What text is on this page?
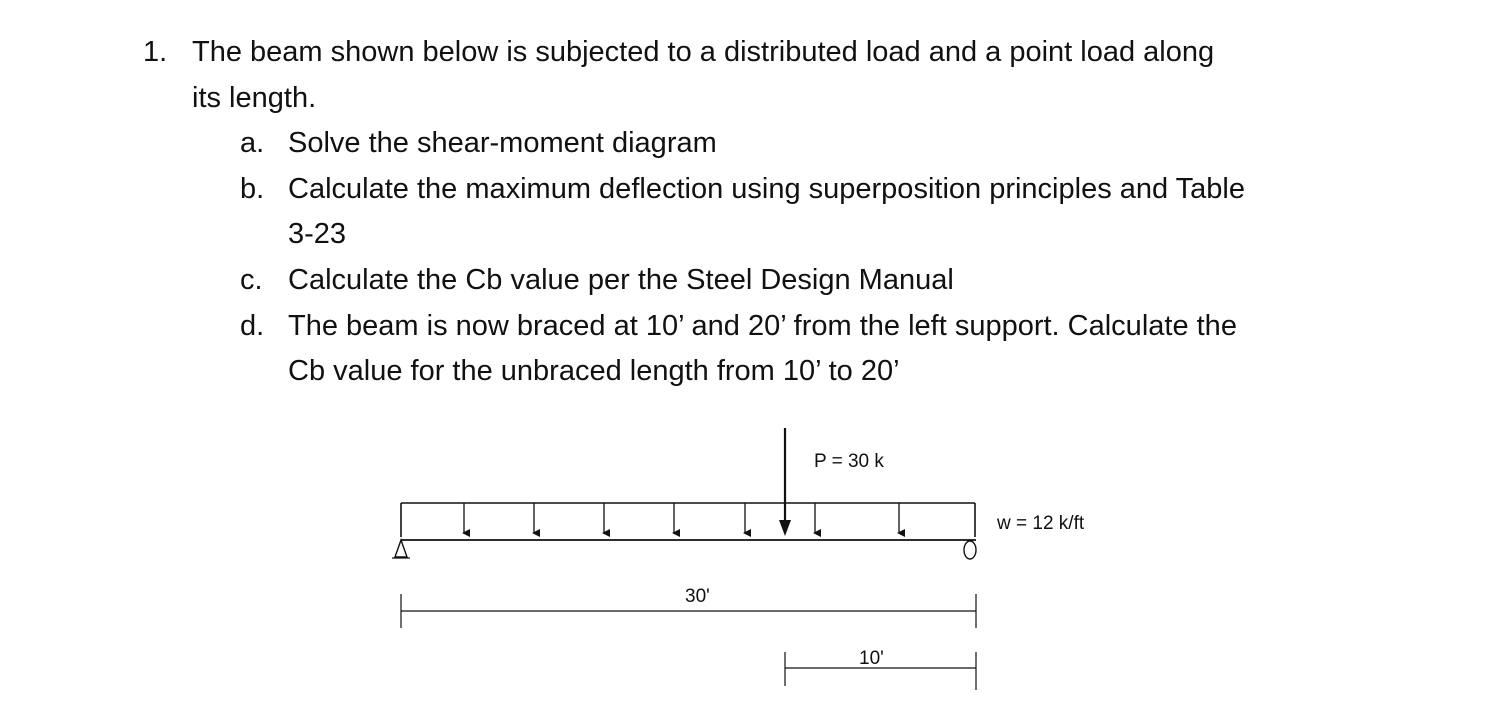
1. The beam shown below is subjected to a distributed load and a point load along
its length.
a. Solve the shear-moment diagram
b. Calculate the maximum deflection using superposition principles and Table
3-23
c. Calculate the Cb value per the Steel Design Manual
d. The beam is now braced at 10’ and 20’ from the left support. Calculate the
Cb value for the unbraced length from 10’ to 20’
P = 30 k
w = 12 k/ft
30'
10'
